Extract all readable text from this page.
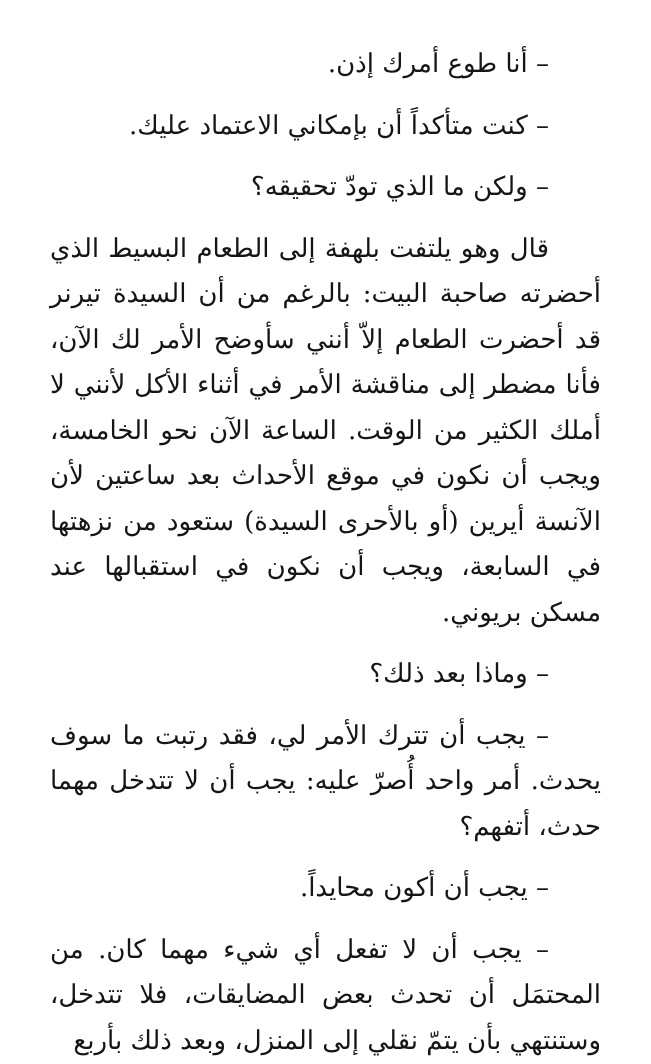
– أنا طوع أمرك إذن.

– كنت متأكداً أن بإمكاني الاعتماد عليك.

– ولكن ما الذي تودّ تحقيقه؟

قال وهو يلتفت بلهفة إلى الطعام البسيط الذي أحضرته صاحبة البيت: بالرغم من أن السيدة تيرنر قد أحضرت الطعام إلاّ أنني سأوضح الأمر لك الآن، فأنا مضطر إلى مناقشة الأمر في أثناء الأكل لأنني لا أملك الكثير من الوقت. الساعة الآن نحو الخامسة، ويجب أن نكون في موقع الأحداث بعد ساعتين لأن الآنسة أيرين (أو بالأحرى السيدة) ستعود من نزهتها في السابعة، ويجب أن نكون في استقبالها عند مسكن بريوني.

– وماذا بعد ذلك؟

– يجب أن تترك الأمر لي، فقد رتبت ما سوف يحدث. أمر واحد أُصرّ عليه: يجب أن لا تتدخل مهما حدث، أتفهم؟

– يجب أن أكون محايداً.

– يجب أن لا تفعل أي شيء مهما كان. من المحتمَل أن تحدث بعض المضايقات، فلا تتدخل، وستنتهي بأن يتمّ نقلي إلى المنزل، وبعد ذلك بأربع
